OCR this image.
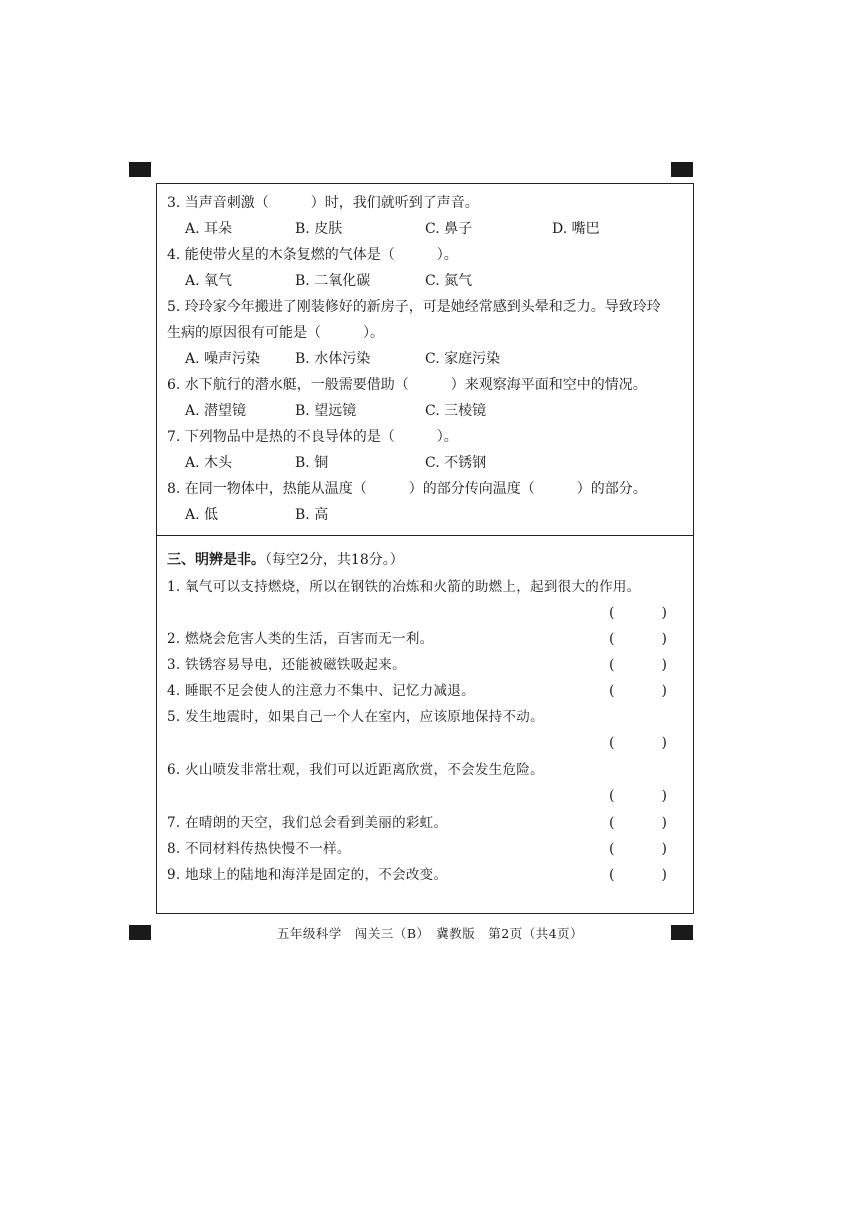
3. 当声音刺激（　　　）时，我们就听到了声音。
A. 耳朵	B. 皮肤	C. 鼻子	D. 嘴巴
4. 能使带火星的木条复燃的气体是（　　　）。
A. 氧气	B. 二氧化碳	C. 氮气
5. 玲玲家今年搬进了刚装修好的新房子，可是她经常感到头晕和乏力。导致玲玲
生病的原因很有可能是（　　　）。
A. 噪声污染 B. 水体污染	C. 家庭污染
6. 水下航行的潜水艇，一般需要借助（　　　）来观察海平面和空中的情况。
A. 潜望镜	B. 望远镜	C. 三棱镜
7. 下列物品中是热的不良导体的是（　　　）。
A. 木头	B. 铜	C. 不锈钢
8. 在同一物体中，热能从温度（　　　）的部分传向温度（　　　）的部分。
A. 低	B. 高
三、明辨是非。（每空2分，共18分。）
1. 氧气可以支持燃烧，所以在钢铁的冶炼和火箭的助燃上，起到很大的作用。
(	)
2. 燃烧会危害人类的生活，百害而无一利。	(	)
3. 铁锈容易导电，还能被磁铁吸起来。	(	)
4. 睡眠不足会使人的注意力不集中、记忆力减退。	(	)
5. 发生地震时，如果自己一个人在室内，应该原地保持不动。
(	)
6. 火山喷发非常壮观，我们可以近距离欣赏，不会发生危险。
(	)
7. 在晴朗的天空，我们总会看到美丽的彩虹。	(	)
8. 不同材料传热快慢不一样。	(	)
9. 地球上的陆地和海洋是固定的，不会改变。	(	)
五年级科学　闯关三（B）　冀教版　第2页（共4页）
